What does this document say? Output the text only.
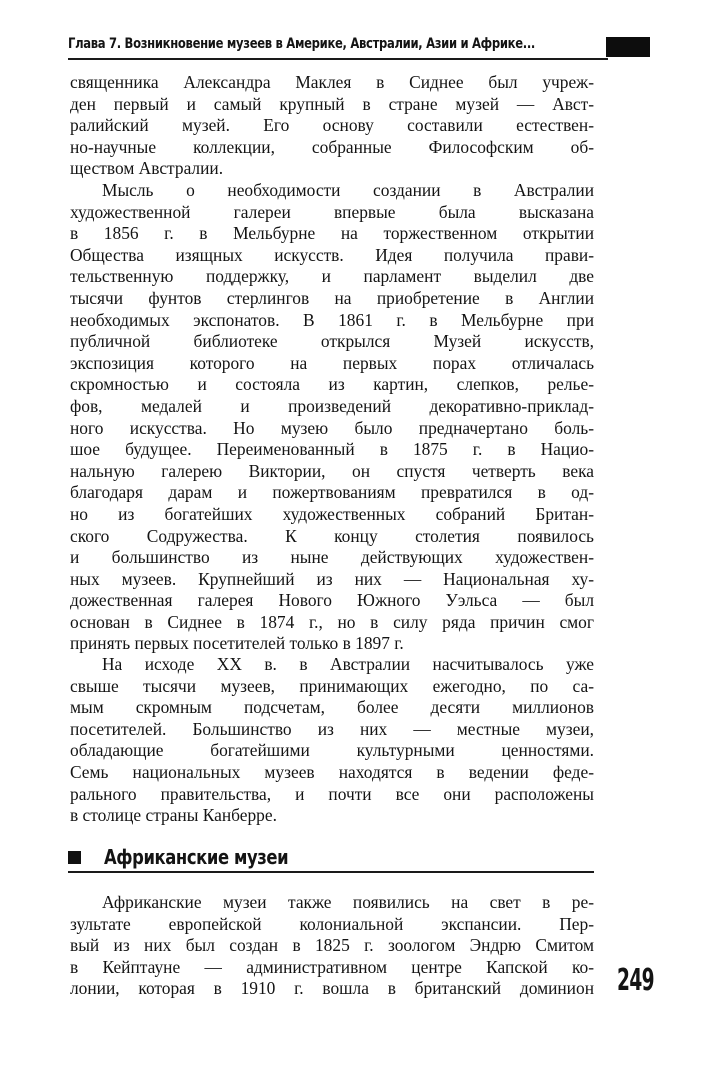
Глава 7. Возникновение музеев в Америке, Австралии, Азии и Африке...
священника Александра Маклея в Сиднее был учреж-
ден первый и самый крупный в стране музей — Авст-
ралийский музей. Его основу составили естествен-
но-научные коллекции, собранные Философским об-
ществом Австралии.
Мысль о необходимости создании в Австралии
художественной галереи впервые была высказана
в 1856 г. в Мельбурне на торжественном открытии
Общества изящных искусств. Идея получила прави-
тельственную поддержку, и парламент выделил две
тысячи фунтов стерлингов на приобретение в Англии
необходимых экспонатов. В 1861 г. в Мельбурне при
публичной библиотеке открылся Музей искусств,
экспозиция которого на первых порах отличалась
скромностью и состояла из картин, слепков, релье-
фов, медалей и произведений декоративно-приклад-
ного искусства. Но музею было предначертано боль-
шое будущее. Переименованный в 1875 г. в Нацио-
нальную галерею Виктории, он спустя четверть века
благодаря дарам и пожертвованиям превратился в од-
но из богатейших художественных собраний Британ-
ского Содружества. К концу столетия появилось
и большинство из ныне действующих художествен-
ных музеев. Крупнейший из них — Национальная ху-
дожественная галерея Нового Южного Уэльса — был
основан в Сиднее в 1874 г., но в силу ряда причин смог
принять первых посетителей только в 1897 г.
На исходе XX в. в Австралии насчитывалось уже
свыше тысячи музеев, принимающих ежегодно, по са-
мым скромным подсчетам, более десяти миллионов
посетителей. Большинство из них — местные музеи,
обладающие богатейшими культурными ценностями.
Семь национальных музеев находятся в ведении феде-
рального правительства, и почти все они расположены
в столице страны Канберре.
Африканские музеи
Африканские музеи также появились на свет в ре-
зультате европейской колониальной экспансии. Пер-
вый из них был создан в 1825 г. зоологом Эндрю Смитом
в Кейптауне — административном центре Капской ко-
лонии, которая в 1910 г. вошла в британский доминион 249
